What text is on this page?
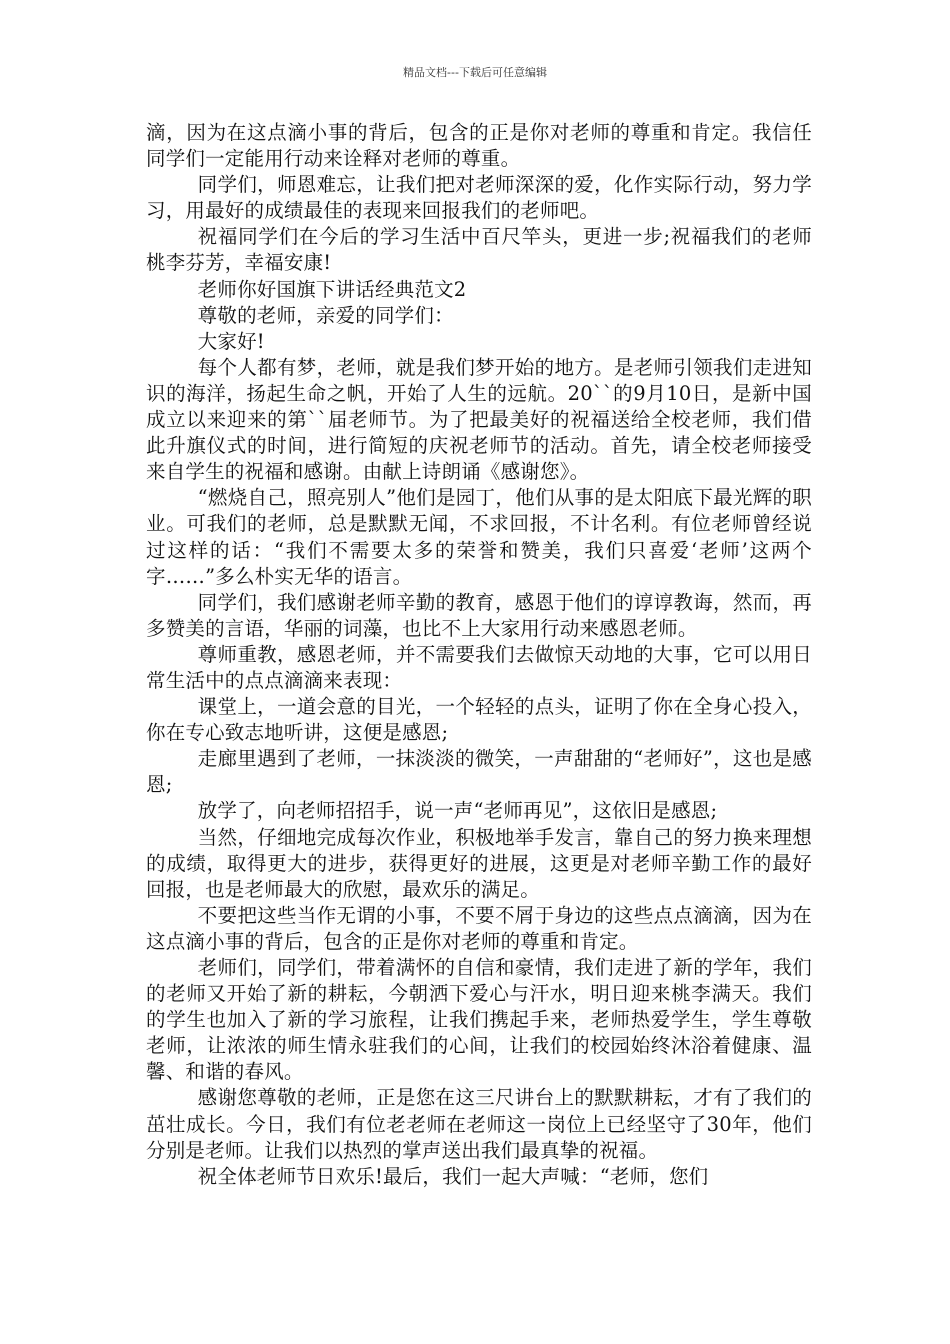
精品文档---下载后可任意编辑

滴，因为在这点滴小事的背后，包含的正是你对老师的尊重和肯定。我信任同学们一定能用行动来诠释对老师的尊重。

同学们，师恩难忘，让我们把对老师深深的爱，化作实际行动，努力学习，用最好的成绩最佳的表现来回报我们的老师吧。

祝福同学们在今后的学习生活中百尺竿头，更进一步;祝福我们的老师桃李芬芳，幸福安康!

老师你好国旗下讲话经典范文2

尊敬的老师，亲爱的同学们：

大家好!

每个人都有梦，老师，就是我们梦开始的地方。是老师引领我们走进知识的海洋，扬起生命之帆，开始了人生的远航。20``的9月10日，是新中国成立以来迎来的第``届老师节。为了把最美好的祝福送给全校老师，我们借此升旗仪式的时间，进行简短的庆祝老师节的活动。首先，请全校老师接受来自学生的祝福和感谢。由献上诗朗诵《感谢您》。

“燃烧自己，照亮别人”他们是园丁，他们从事的是太阳底下最光辉的职业。可我们的老师，总是默默无闻，不求回报，不计名利。有位老师曾经说过这样的话：“我们不需要太多的荣誉和赞美，我们只喜爱‘老师’这两个字……”多么朴实无华的语言。

同学们，我们感谢老师辛勤的教育，感恩于他们的谆谆教诲，然而，再多赞美的言语，华丽的词藻，也比不上大家用行动来感恩老师。

尊师重教，感恩老师，并不需要我们去做惊天动地的大事，它可以用日常生活中的点点滴滴来表现：

课堂上，一道会意的目光，一个轻轻的点头，证明了你在全身心投入，你在专心致志地听讲，这便是感恩;

走廊里遇到了老师，一抹淡淡的微笑，一声甜甜的“老师好”，这也是感恩;

放学了，向老师招招手，说一声“老师再见”，这依旧是感恩;

当然，仔细地完成每次作业，积极地举手发言，靠自己的努力换来理想的成绩，取得更大的进步，获得更好的进展，这更是对老师辛勤工作的最好回报，也是老师最大的欣慰，最欢乐的满足。

不要把这些当作无谓的小事，不要不屑于身边的这些点点滴滴，因为在这点滴小事的背后，包含的正是你对老师的尊重和肯定。

老师们，同学们，带着满怀的自信和豪情，我们走进了新的学年，我们的老师又开始了新的耕耘，今朝洒下爱心与汗水，明日迎来桃李满天。我们的学生也加入了新的学习旅程，让我们携起手来，老师热爱学生，学生尊敬老师，让浓浓的师生情永驻我们的心间，让我们的校园始终沐浴着健康、温馨、和谐的春风。

感谢您尊敬的老师，正是您在这三尺讲台上的默默耕耘，才有了我们的茁壮成长。今日，我们有位老老师在老师这一岗位上已经坚守了30年，他们分别是老师。让我们以热烈的掌声送出我们最真挚的祝福。

祝全体老师节日欢乐!最后，我们一起大声喊：“老师，您们
